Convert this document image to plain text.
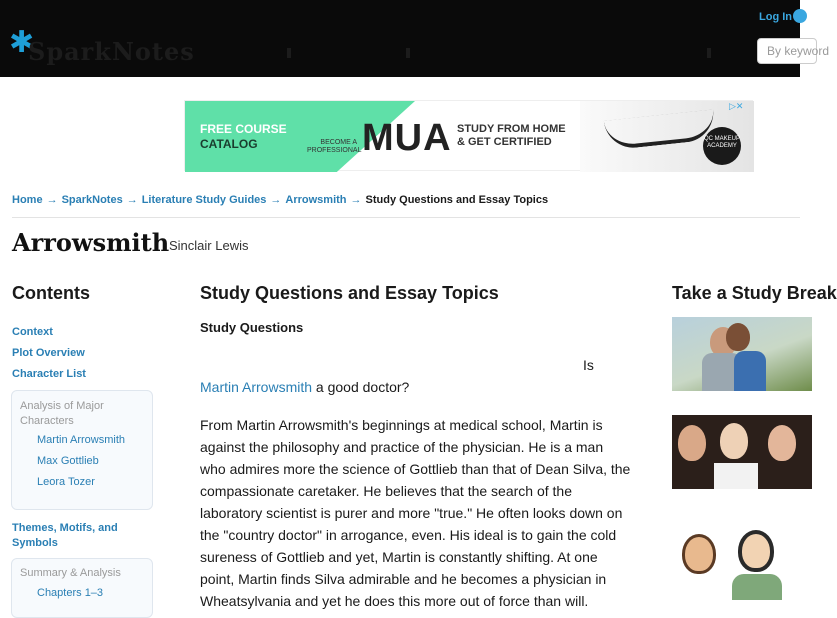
✱
SparkNotes
Log In
By keyword
FREE COURSE
CATALOG	BECOME A PROFESSIONAL MUA STUDY FROM HOME
& GET CERTIFIED	QC MAKEUP ACADEMY
▷✕
Home → SparkNotes → Literature Study Guides → Arrowsmith → Study Questions and Essay Topics
Arrowsmith Sinclair Lewis
Contents
Context
Plot Overview
Character List
Analysis of Major
Characters
Martin Arrowsmith
Max Gottlieb
Leora Tozer
Themes, Motifs, and
Symbols
Summary & Analysis
Chapters 1–3
Study Questions and Essay Topics
Study Questions
Is
Martin Arrowsmith a good doctor?
From Martin Arrowsmith's beginnings at medical school, Martin is against the philosophy and practice of the physician. He is a man who admires more the science of Gottlieb than that of Dean Silva, the compassionate caretaker. He believes that the search of the laboratory scientist is purer and more "true." He often looks down on the "country doctor" in arrogance, even. His ideal is to gain the cold sureness of Gottlieb and yet, Martin is constantly shifting. At one point, Martin finds Silva admirable and he becomes a physician in Wheatsylvania and yet he does this more out of force than will.
Take a Study Break
